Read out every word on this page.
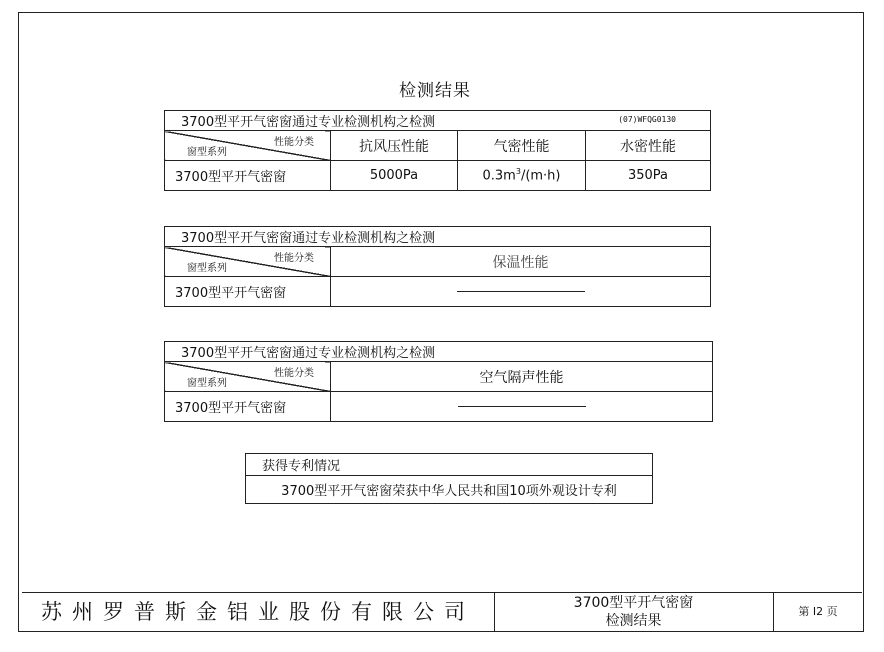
检测结果
3700型平开气密窗通过专业检测机构之检测 (07)WFQG0130			

性能分类
窗型系列	抗风压性能	气密性能	水密性能
3700型平开气密窗	5000Pa	$0.3m^3/(m\cdot h)$	350Pa
3700型平开气密窗通过专业检测机构之检测	

性能分类
窗型系列	保温性能
3700型平开气密窗	
3700型平开气密窗通过专业检测机构之检测	

性能分类
窗型系列	空气隔声性能
3700型平开气密窗	
获得专利情况
3700型平开气密窗荣获中华人民共和国10项外观设计专利
苏州罗普斯金铝业股份有限公司	3700型平开气密窗
检测结果
第 I2 页
